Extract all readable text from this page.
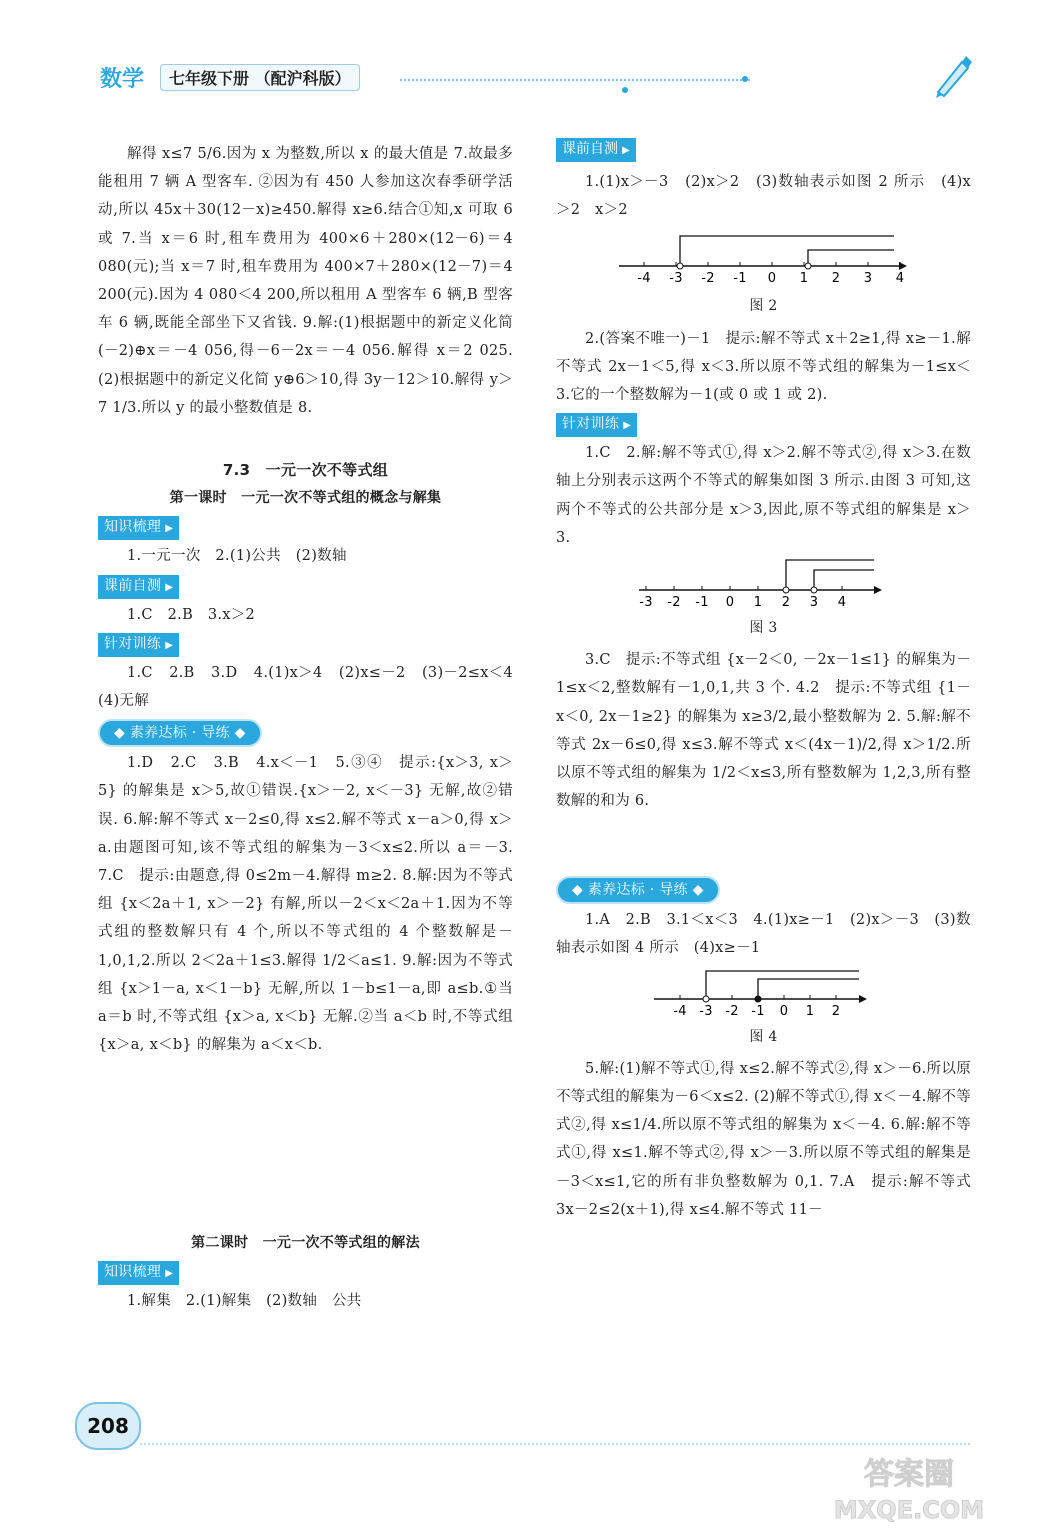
数学	七年级下册 （配沪科版）

解得 x≤7 5/6.因为 x 为整数,所以 x 的最大值是 7.故最多能租用 7 辆 A 型客车. ②因为有 450 人参加这次春季研学活动,所以 45x＋30(12－x)≥450.解得 x≥6.结合①知,x 可取 6 或 7.当 x＝6 时,租车费用为 400×6＋280×(12－6)＝4 080(元);当 x＝7 时,租车费用为 400×7＋280×(12－7)＝4 200(元).因为 4 080＜4 200,所以租用 A 型客车 6 辆,B 型客车 6 辆,既能全部坐下又省钱. 9.解:(1)根据题中的新定义化简(－2)⊕x＝－4 056,得－6－2x＝－4 056.解得 x＝2 025. (2)根据题中的新定义化简 y⊕6＞10,得 3y－12＞10.解得 y＞7 1/3.所以 y 的最小整数值是 8.

7.3　一元一次不等式组

第一课时　一元一次不等式组的概念与解集

知识梳理 ▶

1.一元一次　2.(1)公共　(2)数轴

课前自测 ▶

1.C　2.B　3.x＞2

针对训练 ▶

1.C　2.B　3.D　4.(1)x＞4　(2)x≤－2　(3)－2≤x＜4　(4)无解

◆ 素养达标 · 导练 ◆

1.D　2.C　3.B　4.x＜－1　5.③④　提示:{x＞3, x＞5} 的解集是 x＞5,故①错误.{x＞－2, x＜－3} 无解,故②错误. 6.解:解不等式 x－2≤0,得 x≤2.解不等式 x－a＞0,得 x＞a.由题图可知,该不等式组的解集为－3＜x≤2.所以 a＝－3. 7.C　提示:由题意,得 0≤2m－4.解得 m≥2. 8.解:因为不等式组 {x＜2a＋1, x＞－2} 有解,所以－2＜x＜2a＋1.因为不等式组的整数解只有 4 个,所以不等式组的 4 个整数解是－1,0,1,2.所以 2＜2a＋1≤3.解得 1/2＜a≤1. 9.解:因为不等式组 {x＞1－a, x＜1－b} 无解,所以 1－b≤1－a,即 a≤b.①当 a＝b 时,不等式组 {x＞a, x＜b} 无解.②当 a＜b 时,不等式组 {x＞a, x＜b} 的解集为 a＜x＜b.

第二课时　一元一次不等式组的解法

知识梳理 ▶

1.解集　2.(1)解集　(2)数轴　公共

课前自测 ▶

1.(1)x＞－3　(2)x＞2　(3)数轴表示如图 2 所示　(4)x＞2　x＞2

-4 -3 -2 -1 0 1 2 3 4

图 2

2.(答案不唯一)－1　提示:解不等式 x＋2≥1,得 x≥－1.解不等式 2x－1＜5,得 x＜3.所以原不等式组的解集为－1≤x＜3.它的一个整数解为－1(或 0 或 1 或 2).

针对训练 ▶

1.C　2.解:解不等式①,得 x＞2.解不等式②,得 x＞3.在数轴上分别表示这两个不等式的解集如图 3 所示.由图 3 可知,这两个不等式的公共部分是 x＞3,因此,原不等式组的解集是 x＞3.

-3 -2 -1 0 1 2 3 4

图 3

3.C　提示:不等式组 {x－2＜0, －2x－1≤1} 的解集为－1≤x＜2,整数解有－1,0,1,共 3 个. 4.2　提示:不等式组 {1－x＜0, 2x－1≥2} 的解集为 x≥3/2,最小整数解为 2. 5.解:解不等式 2x－6≤0,得 x≤3.解不等式 x＜(4x－1)/2,得 x＞1/2.所以原不等式组的解集为 1/2＜x≤3,所有整数解为 1,2,3,所有整数解的和为 6.

◆ 素养达标 · 导练 ◆

1.A　2.B　3.1＜x＜3　4.(1)x≥－1　(2)x＞－3　(3)数轴表示如图 4 所示　(4)x≥－1

-4 -3 -2 -1 0 1 2

图 4

5.解:(1)解不等式①,得 x≤2.解不等式②,得 x＞－6.所以原不等式组的解集为－6＜x≤2. (2)解不等式①,得 x＜－4.解不等式②,得 x≤1/4.所以原不等式组的解集为 x＜－4. 6.解:解不等式①,得 x≤1.解不等式②,得 x＞－3.所以原不等式组的解集是－3＜x≤1,它的所有非负整数解为 0,1. 7.A　提示:解不等式 3x－2≤2(x＋1),得 x≤4.解不等式 11－

208
答案圈
MXQE.COM
